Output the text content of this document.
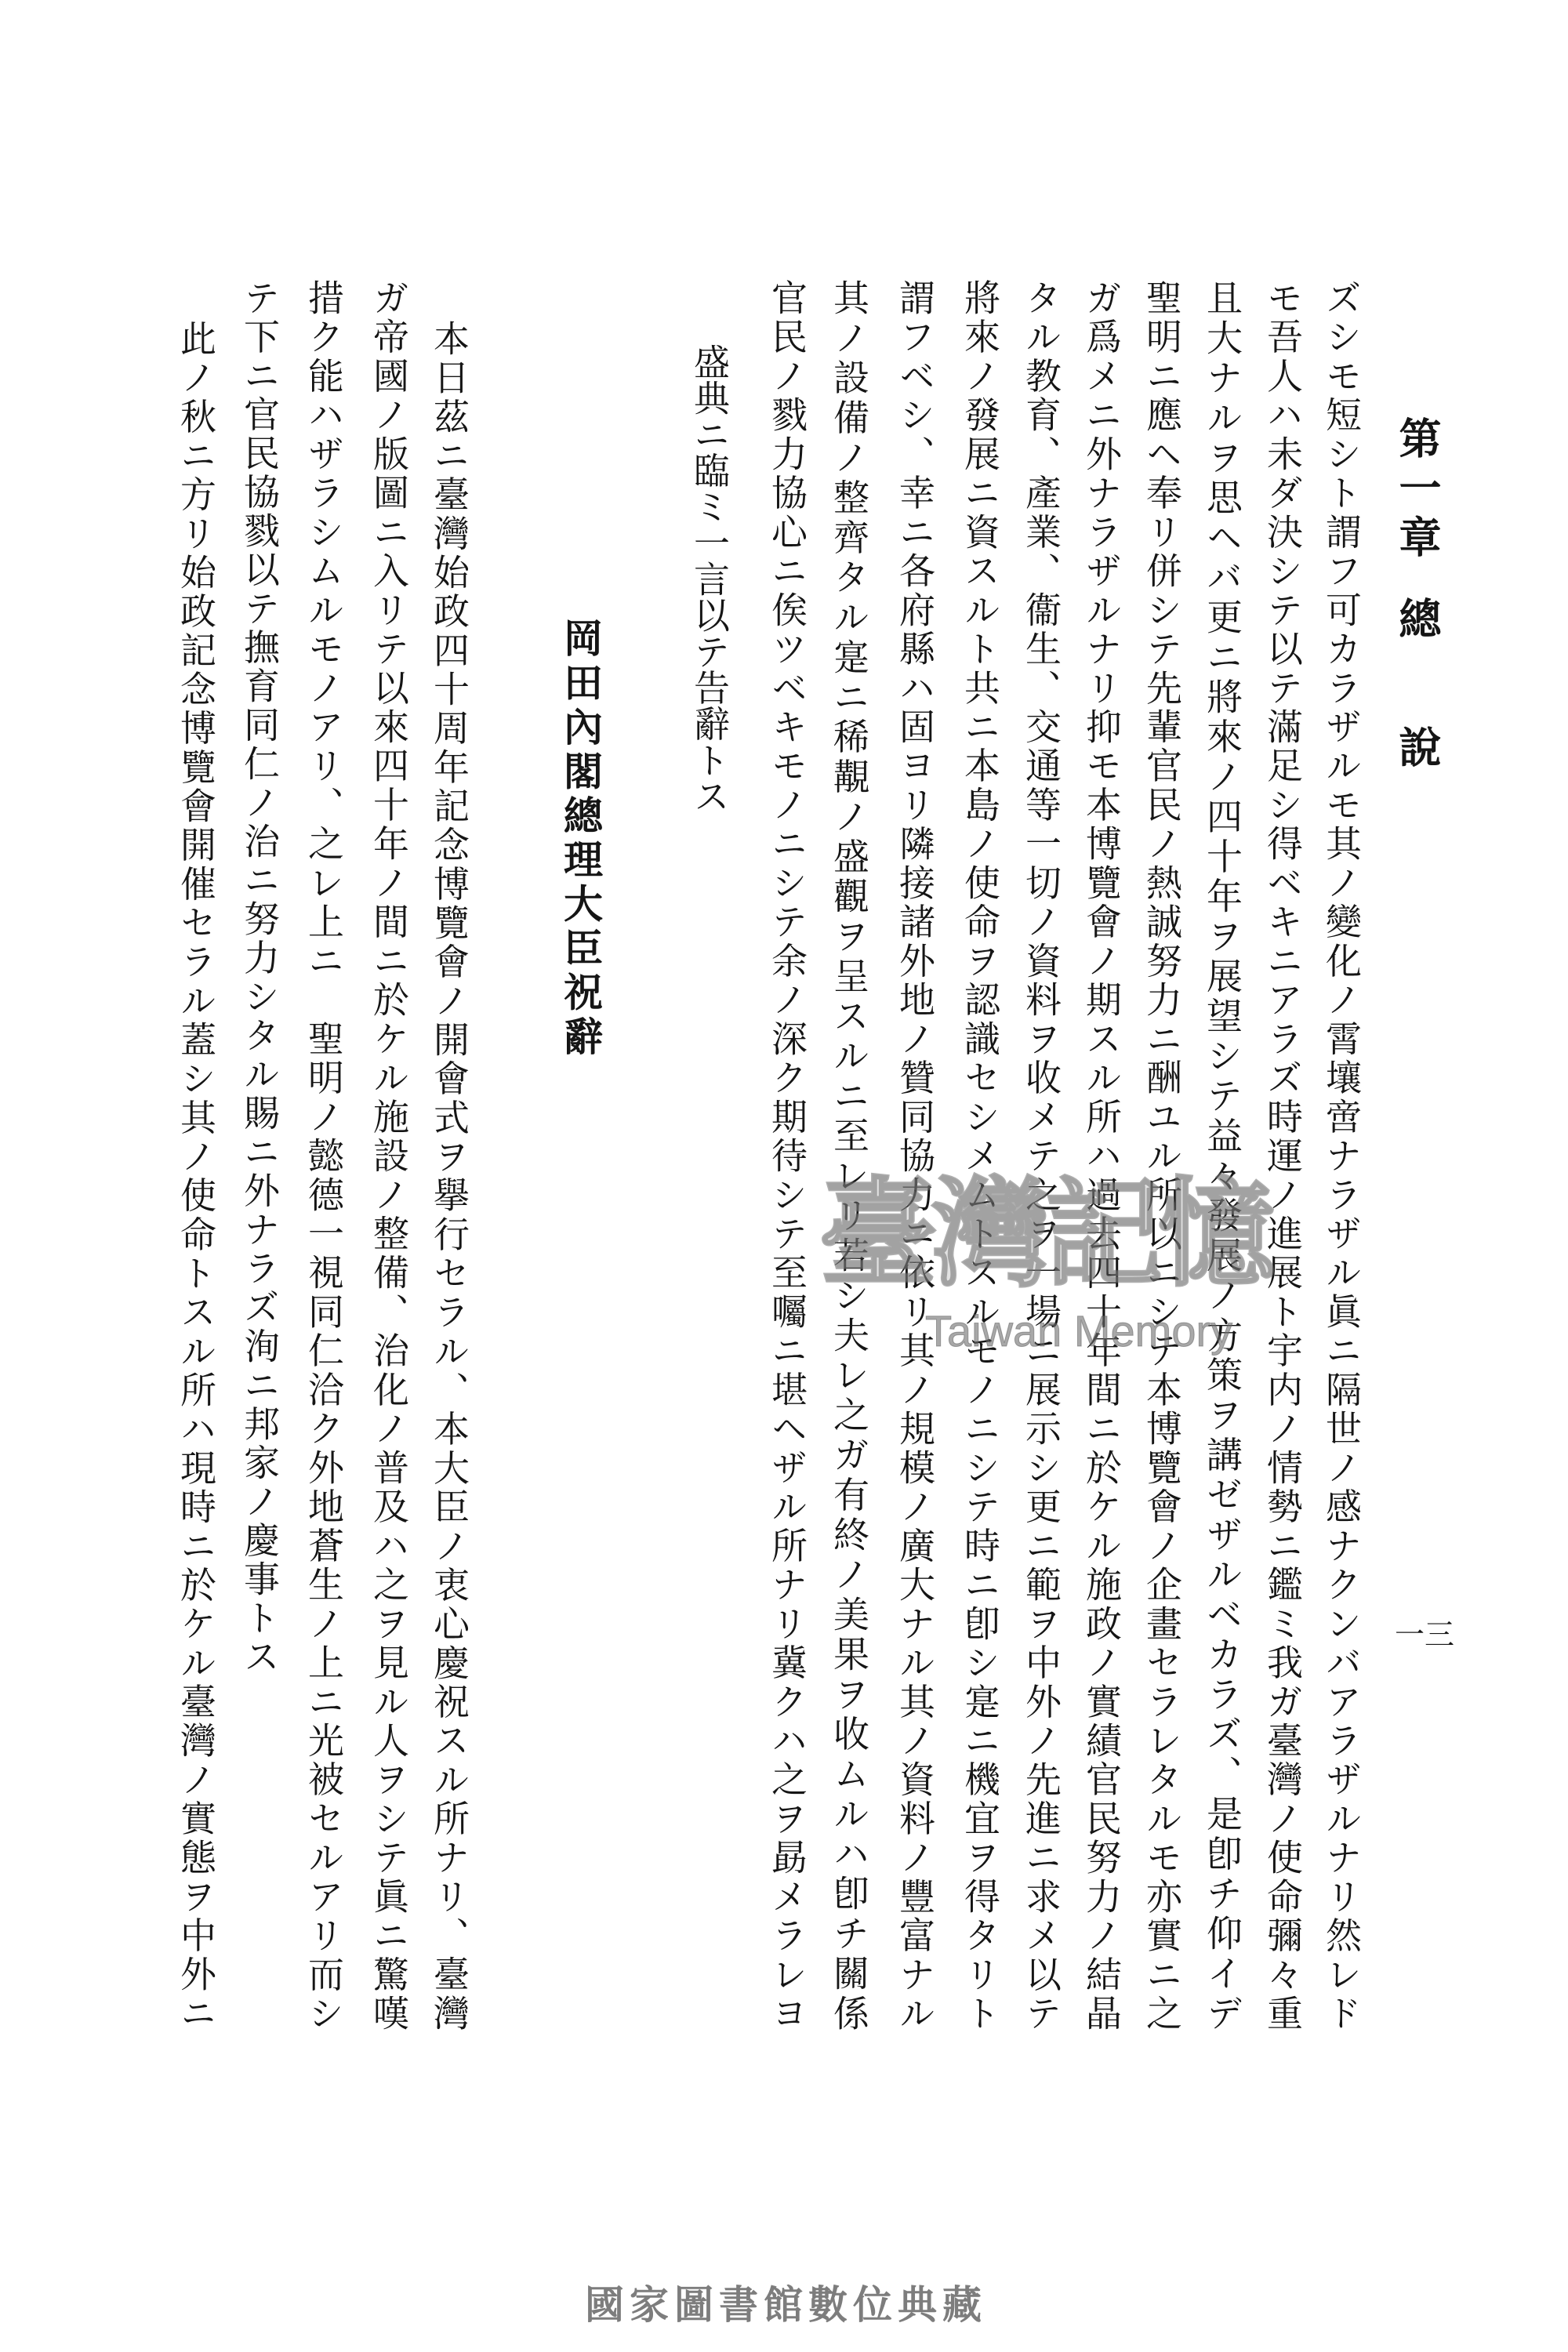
第一章
總說
一三
ズシモ短シト謂フ可カラザルモ其ノ變化ノ霄壤啻ナラザル眞ニ隔世ノ感ナクンバアラザルナリ然レド
モ吾人ハ未ダ決シテ以テ滿足シ得ベキニアラズ時運ノ進展ト宇内ノ情勢ニ鑑ミ我ガ臺灣ノ使命彌々重
且大ナルヲ思ヘバ更ニ將來ノ四十年ヲ展望シテ益々發展ノ方策ヲ講ゼザルベカラズ、是卽チ仰イデ
聖明ニ應ヘ奉リ併シテ先輩官民ノ熱誠努力ニ酬ユル所以ニシテ本博覽會ノ企畫セラレタルモ亦實ニ之
ガ爲メニ外ナラザルナリ抑モ本博覽會ノ期スル所ハ過去四十年間ニ於ケル施政ノ實績官民努力ノ結晶
タル教育、產業、衞生、交通等一切ノ資料ヲ收メテ之ヲ一場ニ展示シ更ニ範ヲ中外ノ先進ニ求メ以テ
將來ノ發展ニ資スルト共ニ本島ノ使命ヲ認識セシメムトスルモノニシテ時ニ卽シ寔ニ機宜ヲ得タリト
謂フベシ、幸ニ各府縣ハ固ヨリ隣接諸外地ノ贊同協力ニ依リ其ノ規模ノ廣大ナル其ノ資料ノ豐富ナル
其ノ設備ノ整齊タル寔ニ稀覯ノ盛觀ヲ呈スルニ至レリ若シ夫レ之ガ有終ノ美果ヲ收ムルハ卽チ關係
官民ノ戮力協心ニ俟ツベキモノニシテ余ノ深ク期待シテ至囑ニ堪ヘザル所ナリ冀クハ之ヲ勗メラレヨ
盛典ニ臨ミ一言以テ告辭トス
岡田內閣總理大臣祝辭
本日茲ニ臺灣始政四十周年記念博覽會ノ開會式ヲ擧行セラル、本大臣ノ衷心慶祝スル所ナリ、臺灣
ガ帝國ノ版圖ニ入リテ以來四十年ノ間ニ於ケル施設ノ整備、治化ノ普及ハ之ヲ見ル人ヲシテ眞ニ驚嘆
措ク能ハザラシムルモノアリ、之レ上ニ　聖明ノ懿德一視同仁洽ク外地蒼生ノ上ニ光被セルアリ而シ
テ下ニ官民協戮以テ撫育同仁ノ治ニ努力シタル賜ニ外ナラズ洵ニ邦家ノ慶事トス
此ノ秋ニ方リ始政記念博覽會開催セラル蓋シ其ノ使命トスル所ハ現時ニ於ケル臺灣ノ實態ヲ中外ニ	臺灣記憶
Taiwan Memory
國家圖書館數位典藏
